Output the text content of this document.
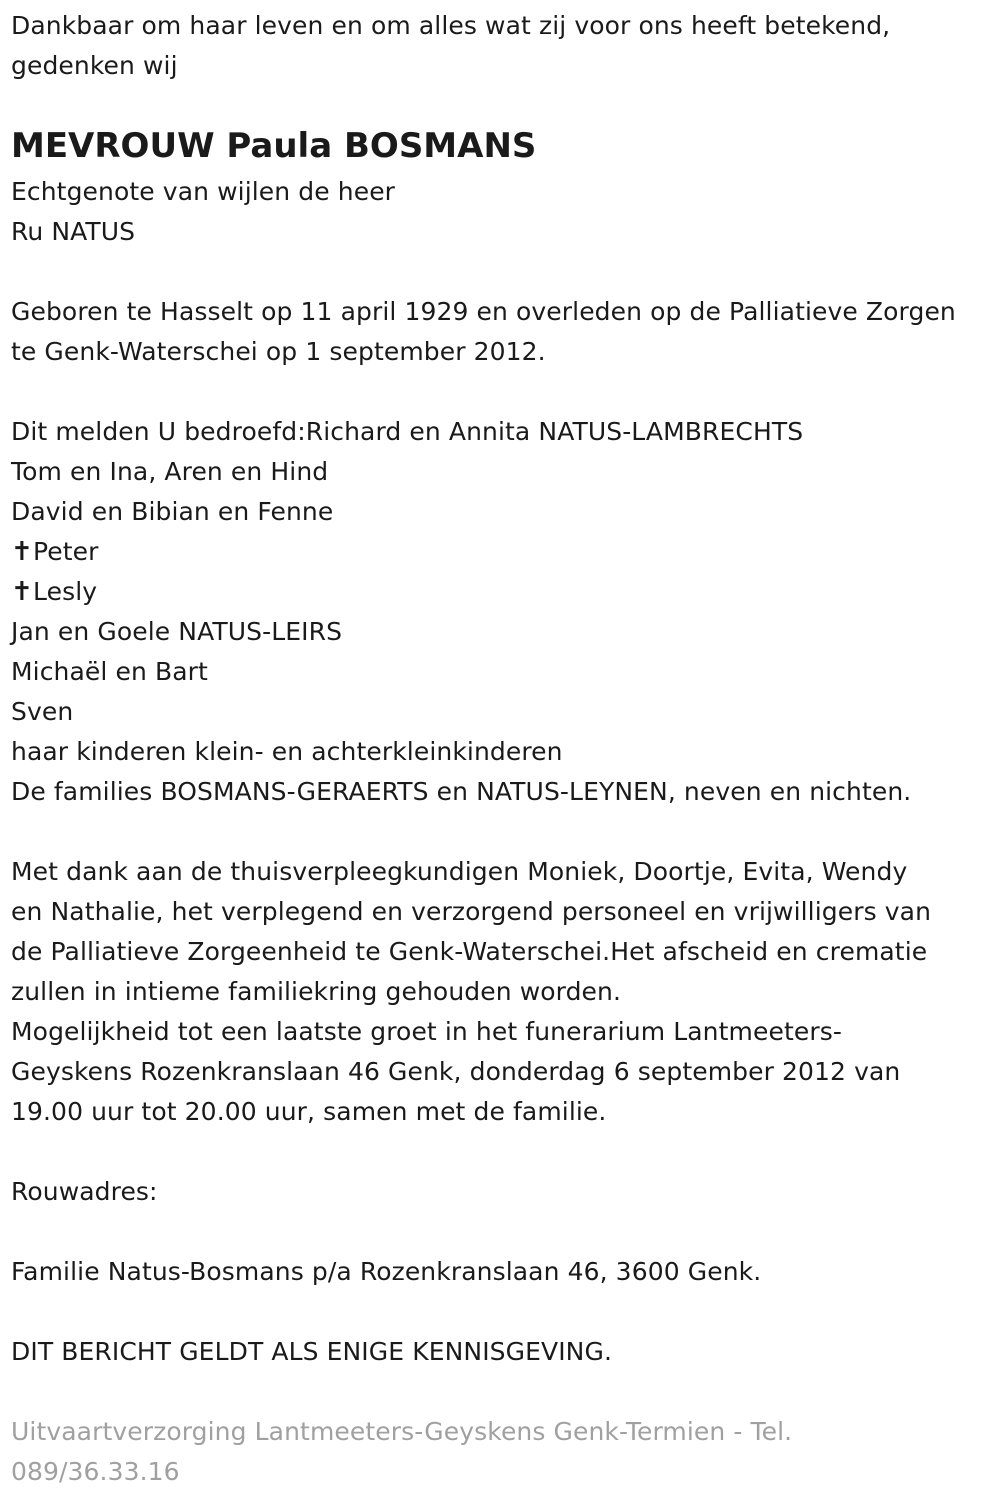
Dankbaar om haar leven en om alles wat zij voor ons heeft betekend,
gedenken wij
MEVROUW Paula BOSMANS
Echtgenote van wijlen de heer
Ru NATUS
Geboren te Hasselt op 11 april 1929 en overleden op de Palliatieve Zorgen
te Genk-Waterschei op 1 september 2012.
Dit melden U bedroefd:Richard en Annita NATUS-LAMBRECHTS
Tom en Ina, Aren en Hind
David en Bibian en Fenne
✝Peter
✝Lesly
Jan en Goele NATUS-LEIRS
Michaël en Bart
Sven
haar kinderen klein- en achterkleinkinderen
De families BOSMANS-GERAERTS en NATUS-LEYNEN, neven en nichten.
Met dank aan de thuisverpleegkundigen Moniek, Doortje, Evita, Wendy
en Nathalie, het verplegend en verzorgend personeel en vrijwilligers van
de Palliatieve Zorgeenheid te Genk-Waterschei.Het afscheid en crematie
zullen in intieme familiekring gehouden worden.
Mogelijkheid tot een laatste groet in het funerarium Lantmeeters-
Geyskens Rozenkranslaan 46 Genk, donderdag 6 september 2012 van
19.00 uur tot 20.00 uur, samen met de familie.
Rouwadres:
Familie Natus-Bosmans p/a Rozenkranslaan 46, 3600 Genk.
DIT BERICHT GELDT ALS ENIGE KENNISGEVING.
Uitvaartverzorging Lantmeeters-Geyskens Genk-Termien - Tel.
089/36.33.16
